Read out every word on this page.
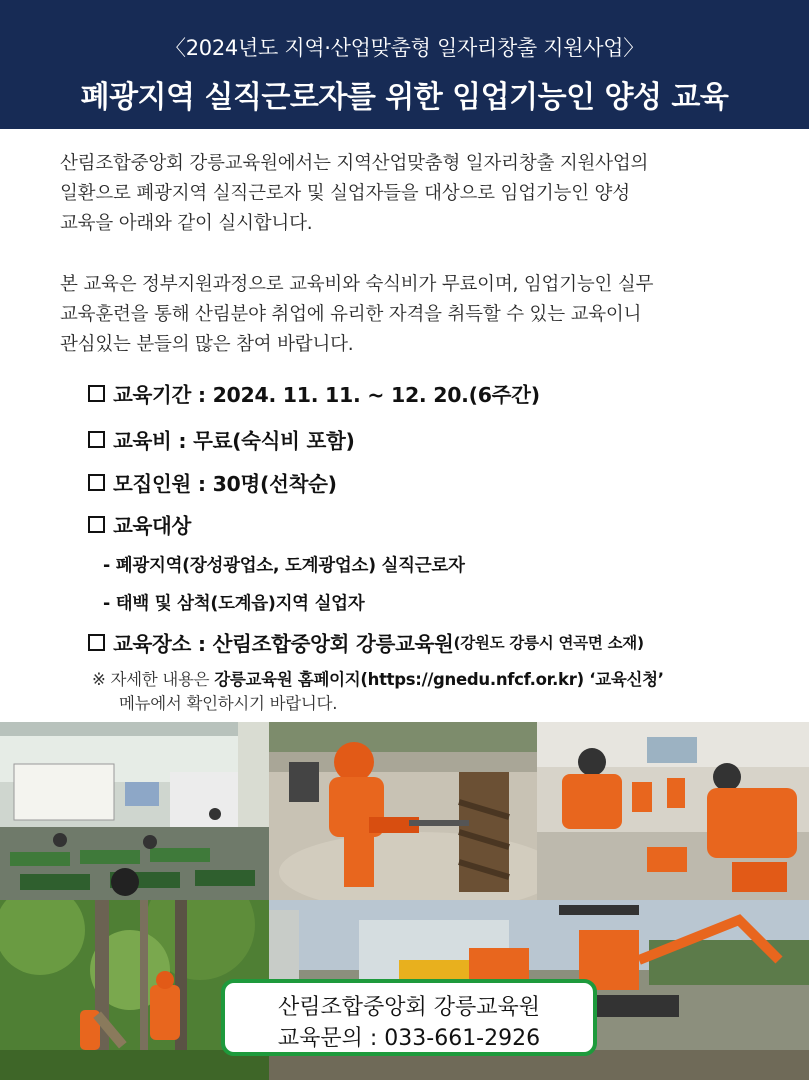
〈2024년도 지역·산업맞춤형 일자리창출 지원사업〉
폐광지역 실직근로자를 위한 임업기능인 양성 교육
산림조합중앙회 강릉교육원에서는 지역산업맞춤형 일자리창출 지원사업의
일환으로 폐광지역 실직근로자 및 실업자들을 대상으로 임업기능인 양성
교육을 아래와 같이 실시합니다.
본 교육은 정부지원과정으로 교육비와 숙식비가 무료이며, 임업기능인 실무
교육훈련을 통해 산림분야 취업에 유리한 자격을 취득할 수 있는 교육이니
관심있는 분들의 많은 참여 바랍니다.
교육기간 : 2024. 11. 11. ~ 12. 20.(6주간)
교육비 : 무료(숙식비 포함)
모집인원 : 30명(선착순)
교육대상
- 폐광지역(장성광업소, 도계광업소) 실직근로자
- 태백 및 삼척(도계읍)지역 실업자
교육장소 : 산림조합중앙회 강릉교육원 (강원도 강릉시 연곡면 소재)
※ 자세한 내용은 강릉교육원 홈페이지(https://gnedu.nfcf.or.kr) ‘교육신청’
메뉴에서 확인하시기 바랍니다.
산림조합중앙회 강릉교육원
교육문의 : 033-661-2926
